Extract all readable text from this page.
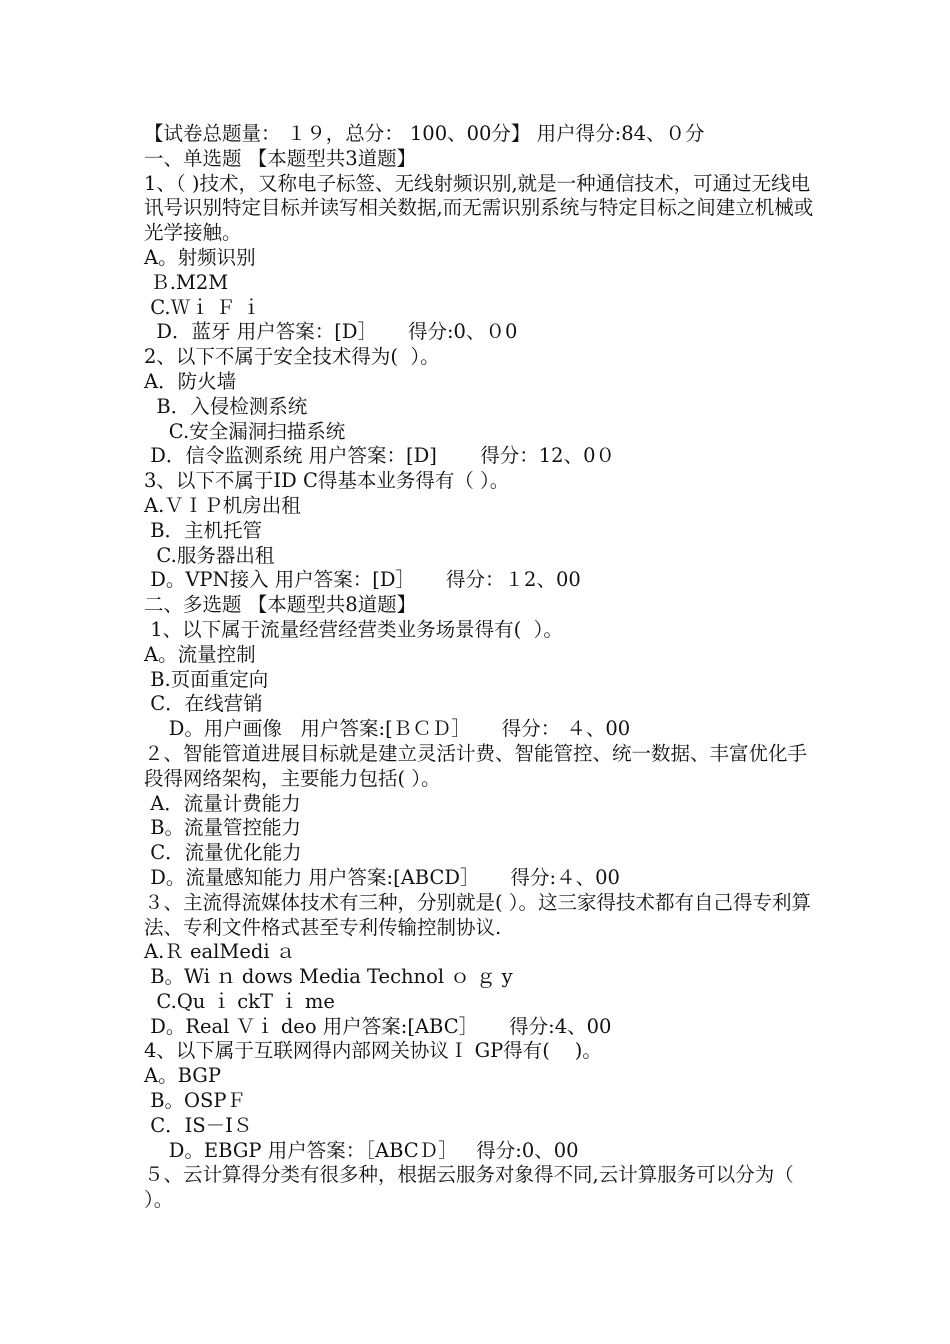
【试卷总题量： １９，总分： 100、00分】 用户得分:84、０分
一、单选题 【本题型共3道题】
1、（ )技术，又称电子标签、无线射频识别,就是一种通信技术，可通过无线电讯号识别特定目标并读写相关数据,而无需识别系统与特定目标之间建立机械或光学接触。
A。射频识别
Ｂ.M2M
C.Ｗｉ Ｆ ｉ
D．蓝牙 用户答案：[D］     得分:0、０0
2、以下不属于安全技术得为(  ）。
A．防火墙
B．入侵检测系统
C.安全漏洞扫描系统
D．信令监测系统 用户答案：[D]       得分：12、0０
3、以下不属于ID C得基本业务得有（ ）。
A.ＶＩＰ机房出租
B．主机托管
C.服务器出租
D。VPN接入 用户答案：[D］     得分：１2、00
二、多选题 【本题型共8道题】
1、以下属于流量经营经营类业务场景得有(  ）。
A。流量控制
B.页面重定向
C．在线营销
D。用户画像   用户答案:[ＢＣＤ］     得分： ４、00
２、智能管道进展目标就是建立灵活计费、智能管控、统一数据、丰富优化手段得网络架构，主要能力包括( ）。
A．流量计费能力
B。流量管控能力
C．流量优化能力
D。流量感知能力 用户答案:[ABCD］     得分:４、00
３、主流得流媒体技术有三种，分别就是( ）。这三家得技术都有自己得专利算法、专利文件格式甚至专利传输控制协议.
A.Ｒ ealMedi ａ
B。Wi ｎ dows Media Technol ｏ ｇ y
C.Qu ｉ ckT ｉ me
D。Real Ｖｉ deo 用户答案:[ABC］     得分:4、00
4、以下属于互联网得内部网关协议Ｉ GP得有(    )。
A。BGP
B。OSPＦ
C．IS－IＳ
D。EBGP 用户答案：［ABCＤ］   得分:0、00
５、云计算得分类有很多种，根据云服务对象得不同,云计算服务可以分为（ ）。
